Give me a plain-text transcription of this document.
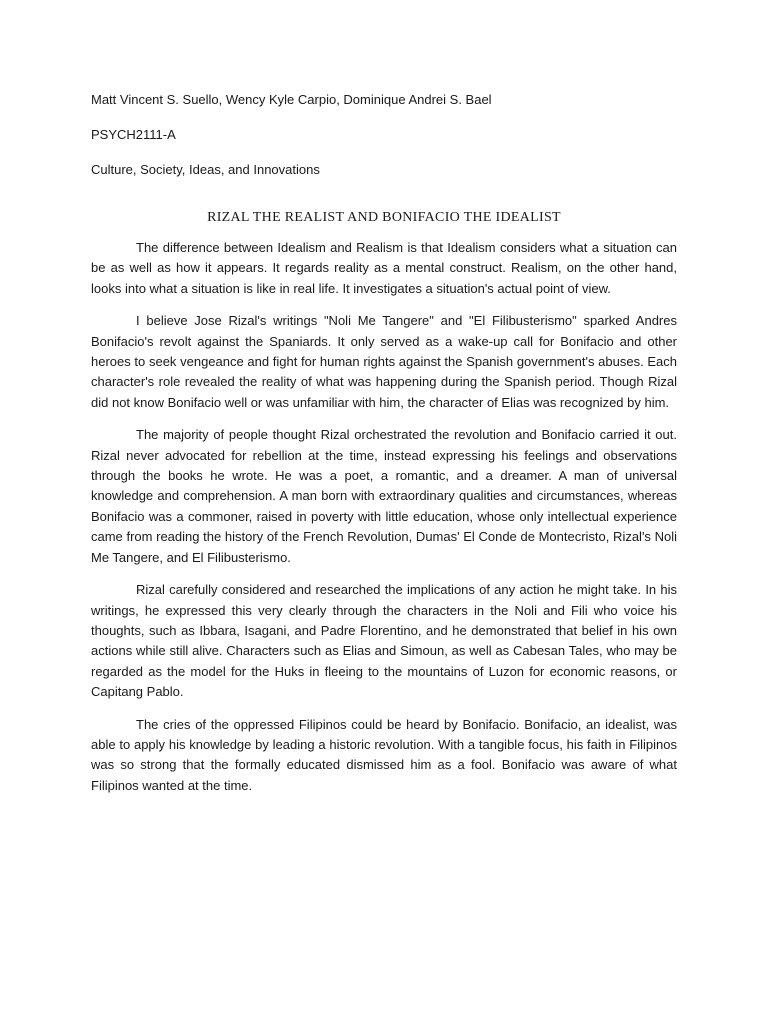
Matt Vincent S. Suello, Wency Kyle Carpio, Dominique Andrei S. Bael

PSYCH2111-A

Culture, Society, Ideas, and Innovations

RIZAL THE REALIST AND BONIFACIO THE IDEALIST

The difference between Idealism and Realism is that Idealism considers what a situation can be as well as how it appears. It regards reality as a mental construct. Realism, on the other hand, looks into what a situation is like in real life. It investigates a situation's actual point of view.

I believe Jose Rizal's writings "Noli Me Tangere" and "El Filibusterismo" sparked Andres Bonifacio's revolt against the Spaniards. It only served as a wake-up call for Bonifacio and other heroes to seek vengeance and fight for human rights against the Spanish government's abuses. Each character's role revealed the reality of what was happening during the Spanish period. Though Rizal did not know Bonifacio well or was unfamiliar with him, the character of Elias was recognized by him.

The majority of people thought Rizal orchestrated the revolution and Bonifacio carried it out. Rizal never advocated for rebellion at the time, instead expressing his feelings and observations through the books he wrote. He was a poet, a romantic, and a dreamer. A man of universal knowledge and comprehension. A man born with extraordinary qualities and circumstances, whereas Bonifacio was a commoner, raised in poverty with little education, whose only intellectual experience came from reading the history of the French Revolution, Dumas' El Conde de Montecristo, Rizal's Noli Me Tangere, and El Filibusterismo.

Rizal carefully considered and researched the implications of any action he might take. In his writings, he expressed this very clearly through the characters in the Noli and Fili who voice his thoughts, such as Ibbara, Isagani, and Padre Florentino, and he demonstrated that belief in his own actions while still alive. Characters such as Elias and Simoun, as well as Cabesan Tales, who may be regarded as the model for the Huks in fleeing to the mountains of Luzon for economic reasons, or Capitang Pablo.

The cries of the oppressed Filipinos could be heard by Bonifacio. Bonifacio, an idealist, was able to apply his knowledge by leading a historic revolution. With a tangible focus, his faith in Filipinos was so strong that the formally educated dismissed him as a fool. Bonifacio was aware of what Filipinos wanted at the time.
